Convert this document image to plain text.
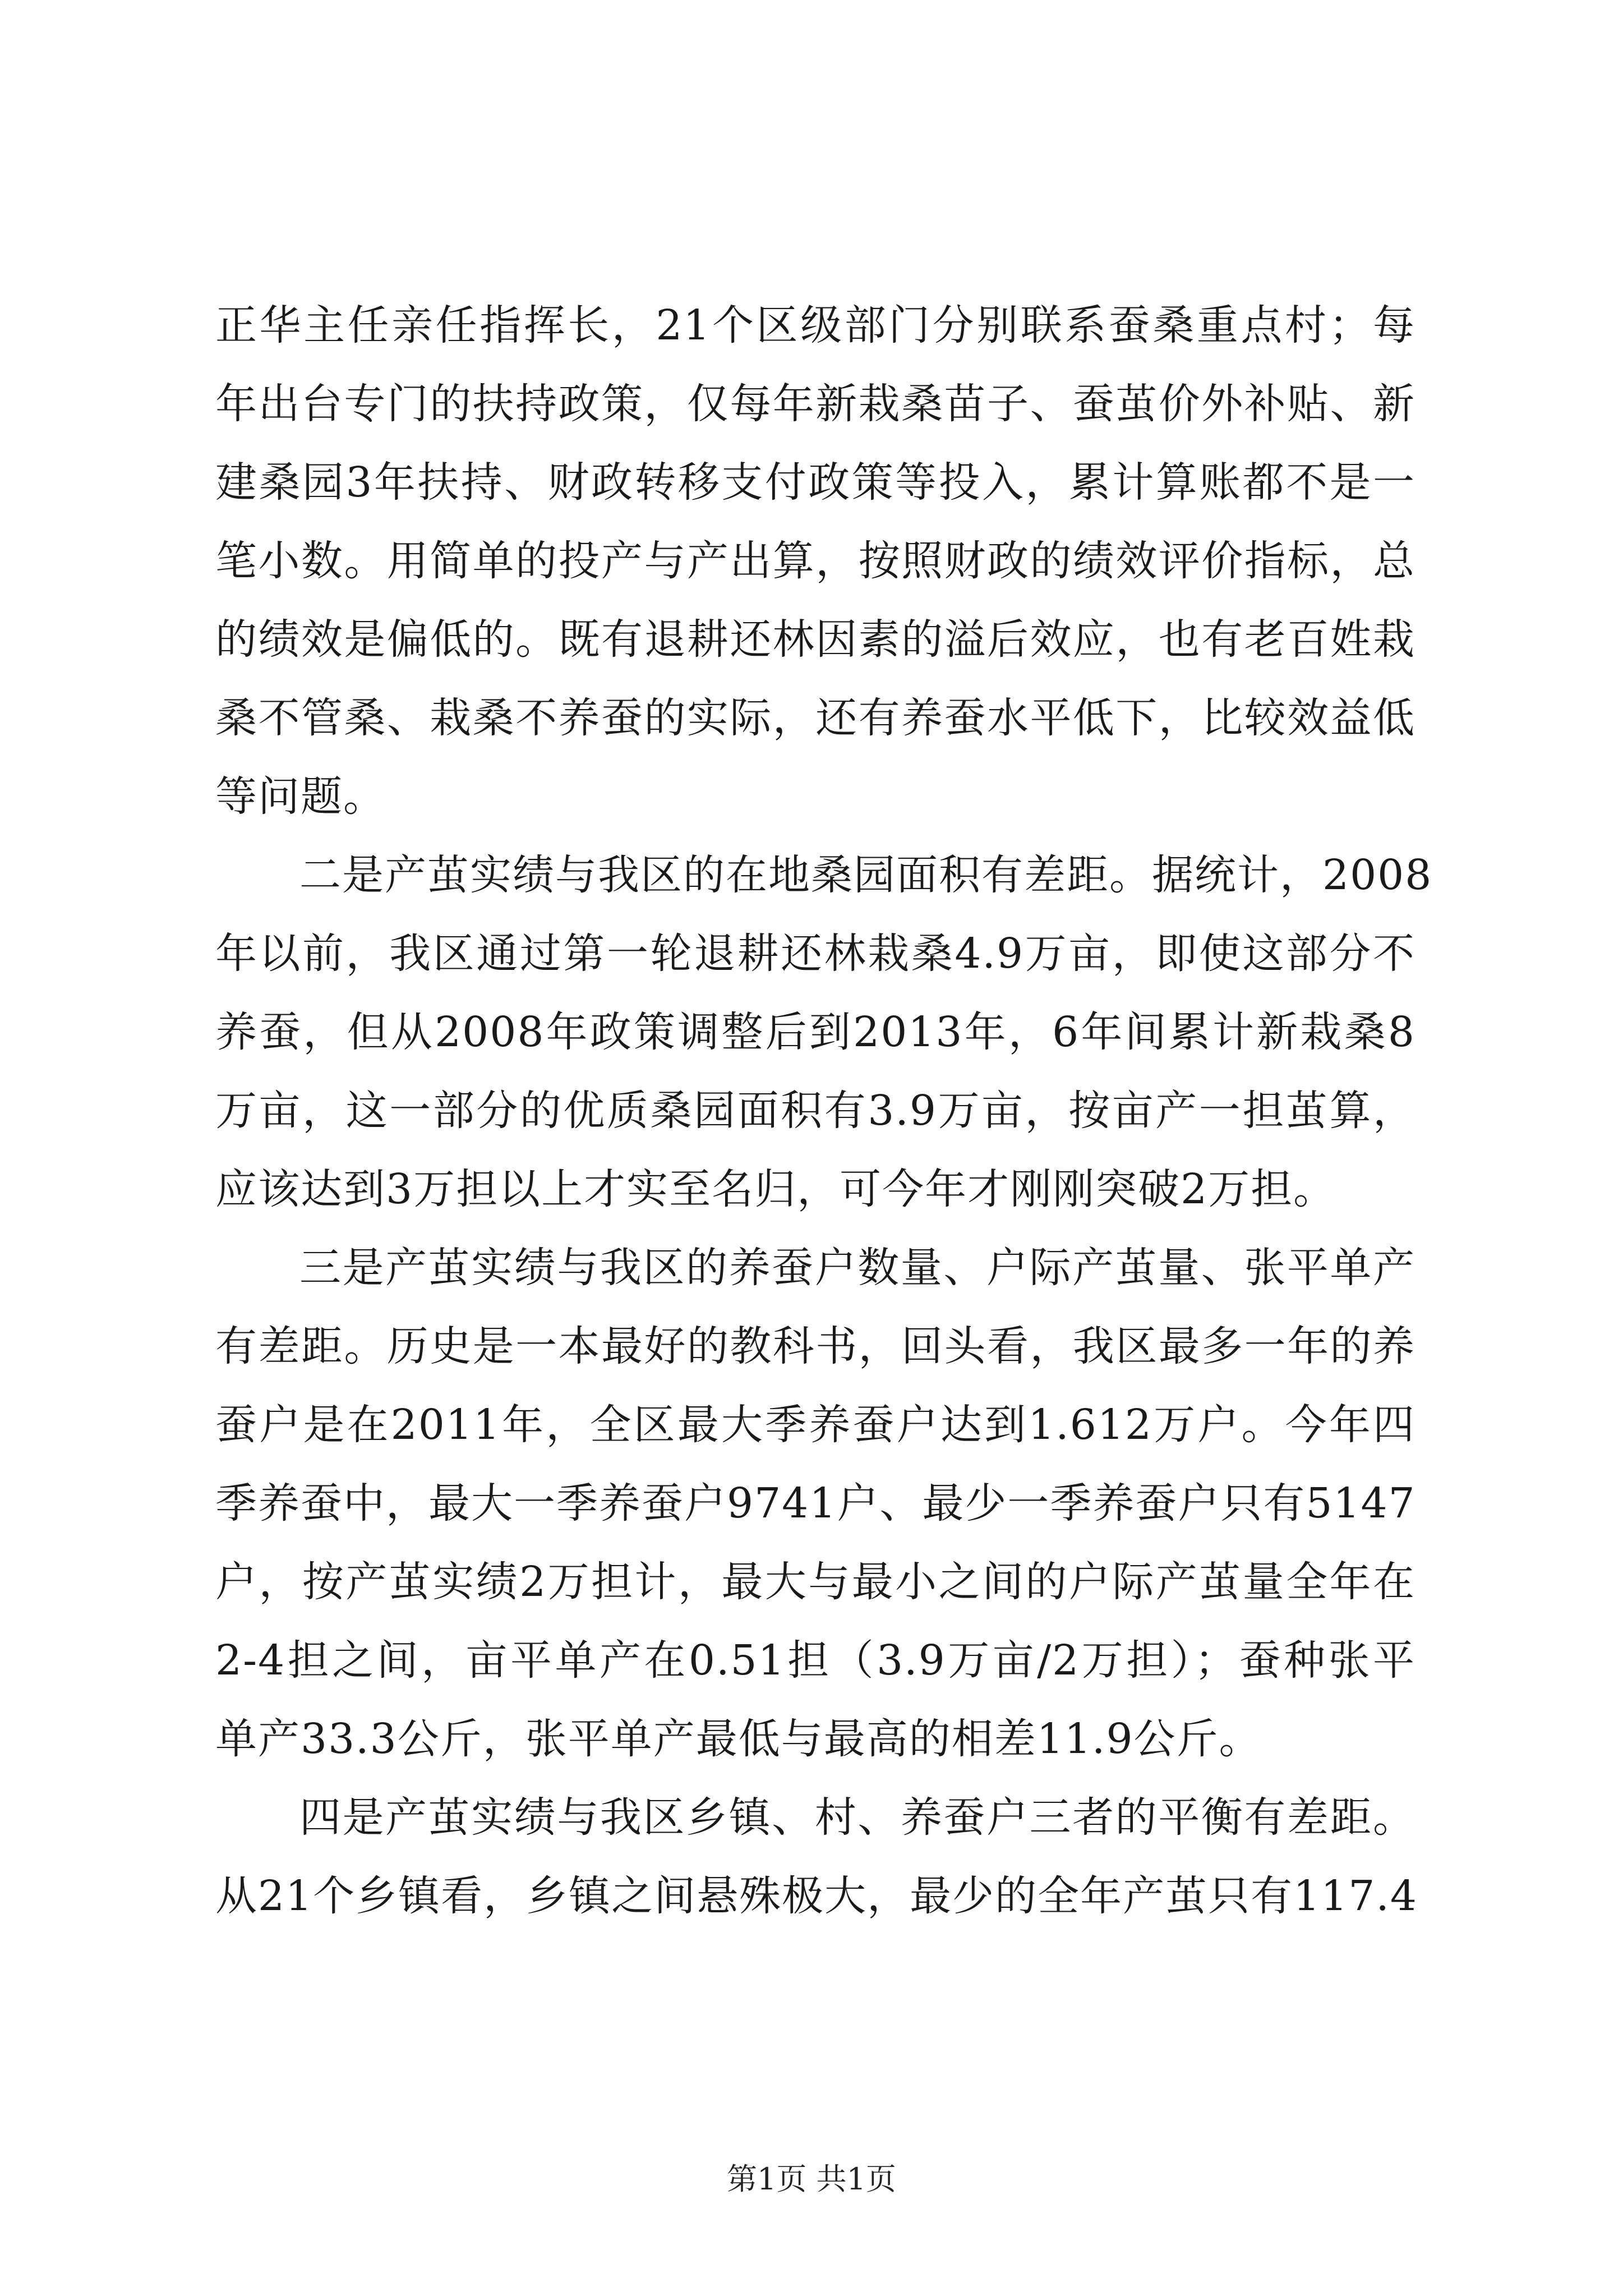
正华主任亲任指挥长，21个区级部门分别联系蚕桑重点村；每
年出台专门的扶持政策，仅每年新栽桑苗子、蚕茧价外补贴、新
建桑园3年扶持、财政转移支付政策等投入，累计算账都不是一
笔小数。用简单的投产与产出算，按照财政的绩效评价指标，总
的绩效是偏低的。既有退耕还林因素的溢后效应，也有老百姓栽
桑不管桑、栽桑不养蚕的实际，还有养蚕水平低下，比较效益低
等问题。
二是产茧实绩与我区的在地桑园面积有差距。据统计，2008
年以前，我区通过第一轮退耕还林栽桑4.9万亩，即使这部分不
养蚕，但从2008年政策调整后到2013年，6年间累计新栽桑8
万亩，这一部分的优质桑园面积有3.9万亩，按亩产一担茧算，
应该达到3万担以上才实至名归，可今年才刚刚突破2万担。
三是产茧实绩与我区的养蚕户数量、户际产茧量、张平单产
有差距。历史是一本最好的教科书，回头看，我区最多一年的养
蚕户是在2011年，全区最大季养蚕户达到1.612万户。今年四
季养蚕中，最大一季养蚕户9741户、最少一季养蚕户只有5147
户，按产茧实绩2万担计，最大与最小之间的户际产茧量全年在
2-4担之间，亩平单产在0.51担（3.9万亩/2万担）；蚕种张平
单产33.3公斤，张平单产最低与最高的相差11.9公斤。
四是产茧实绩与我区乡镇、村、养蚕户三者的平衡有差距。
从21个乡镇看，乡镇之间悬殊极大，最少的全年产茧只有117.4
第1页 共1页
